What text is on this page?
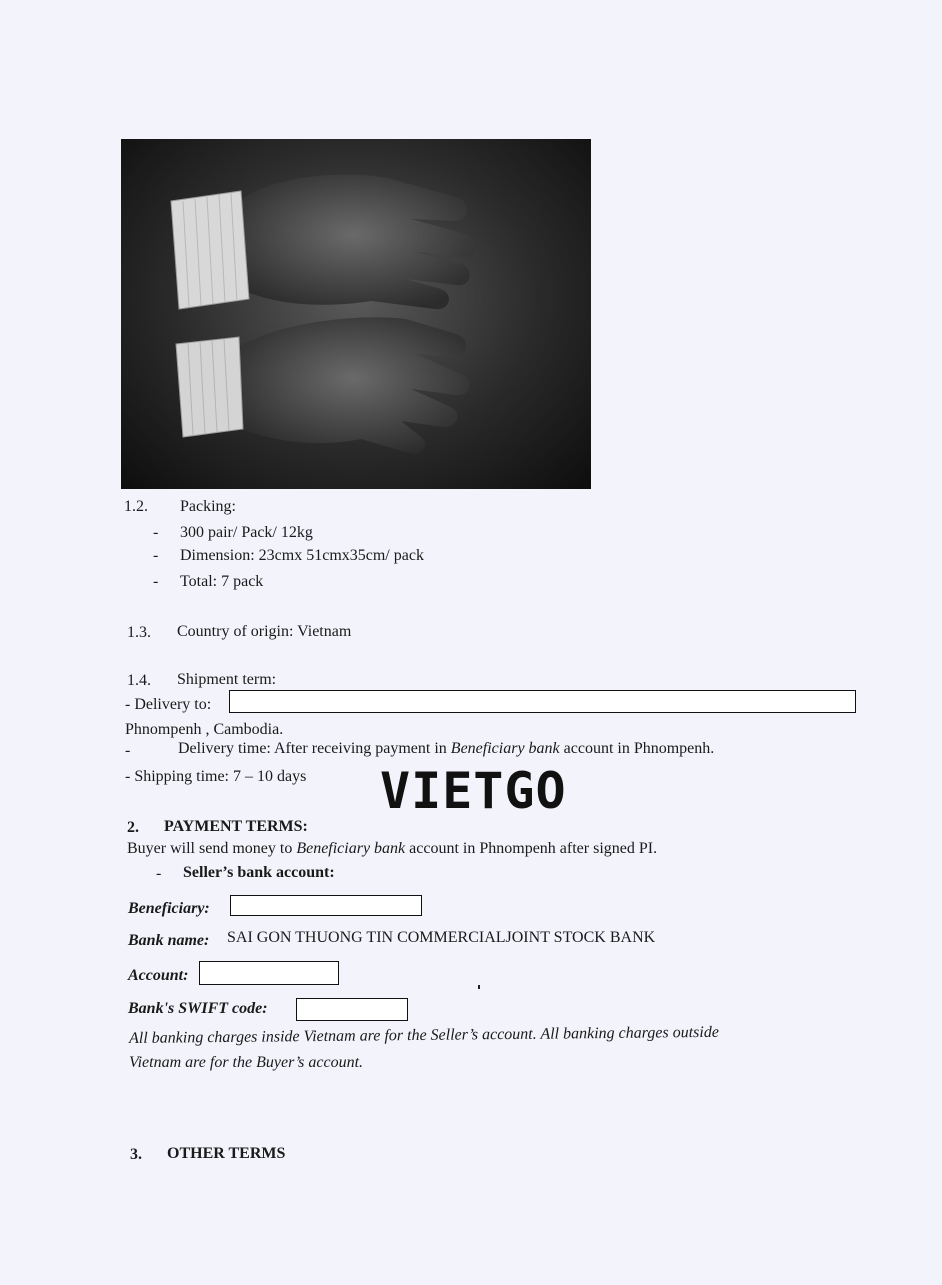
1.2. Packing:
- 300 pair/ Pack/ 12kg
- Dimension: 23cmx 51cmx35cm/ pack
- Total: 7 pack
1.3. Country of origin: Vietnam
1.4. Shipment term:
- Delivery to:
Phnompenh , Cambodia.
-	Delivery time: After receiving payment in Beneficiary bank account in Phnompenh.
- Shipping time: 7 – 10 days VIETGO
2. PAYMENT TERMS:
Buyer will send money to Beneficiary bank account in Phnompenh after signed PI.
- Seller’s bank account:
Beneficiary:
Bank name: SAI GON THUONG TIN COMMERCIALJOINT STOCK BANK
Account:
Bank's SWIFT code:
All banking charges inside Vietnam are for the Seller’s account. All banking charges outside
Vietnam are for the Buyer’s account.
3. OTHER TERMS
